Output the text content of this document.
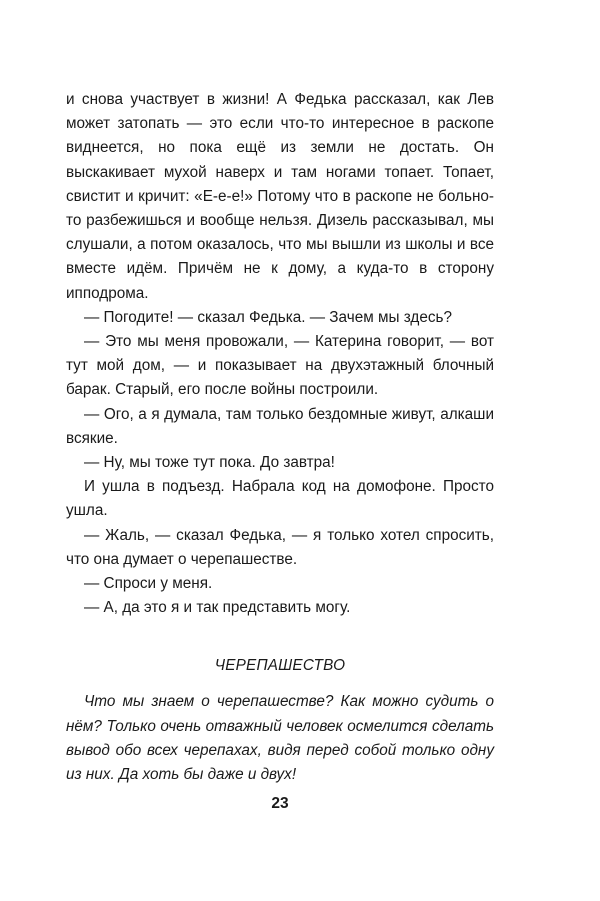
и снова участвует в жизни! А Федька рассказал, как Лев может затопать — это если что-то интересное в раскопе виднеется, но пока ещё из земли не достать. Он выскакивает мухой наверх и там ногами топает. Топает, свистит и кричит: «Е-е-е!» Потому что в раскопе не больно-то разбежишься и вообще нельзя. Дизель рассказывал, мы слушали, а потом оказалось, что мы вышли из школы и все вместе идём. Причём не к дому, а куда-то в сторону ипподрома.

— Погодите! — сказал Федька. — Зачем мы здесь?

— Это мы меня провожали, — Катерина говорит, — вот тут мой дом, — и показывает на двухэтажный блочный барак. Старый, его после войны построили.

— Ого, а я думала, там только бездомные живут, алкаши всякие.

— Ну, мы тоже тут пока. До завтра!

И ушла в подъезд. Набрала код на домофоне. Просто ушла.

— Жаль, — сказал Федька, — я только хотел спросить, что она думает о черепашестве.

— Спроси у меня.

— А, да это я и так представить могу.

ЧЕРЕПАШЕСТВО

Что мы знаем о черепашестве? Как можно судить о нём? Только очень отважный человек осмелится сделать вывод обо всех черепахах, видя перед собой только одну из них. Да хоть бы даже и двух!

23
